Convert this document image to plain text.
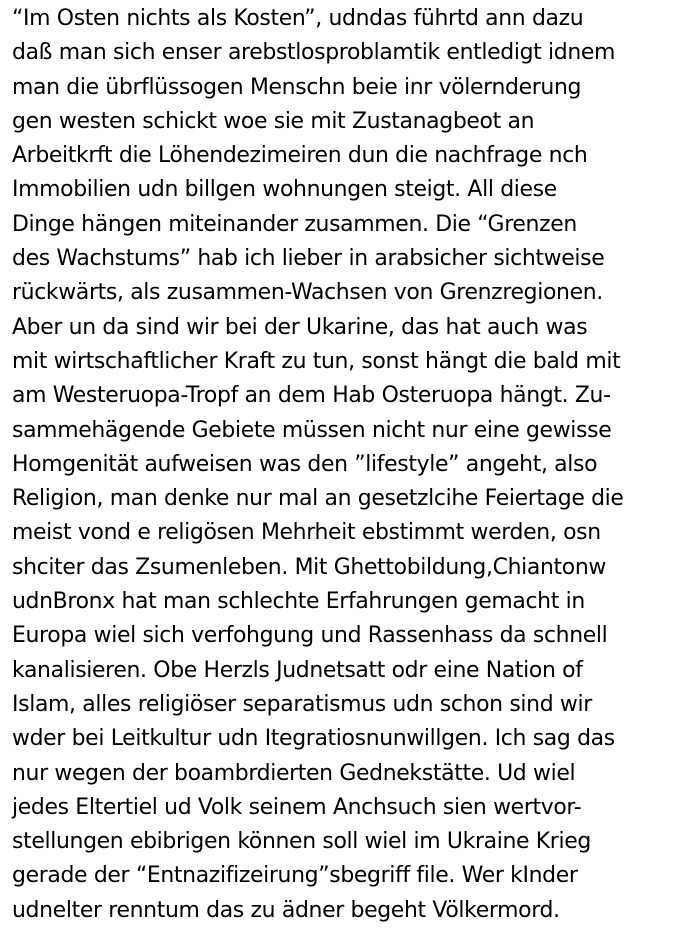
“Im Osten nichts als Kosten”, udndas führtd ann dazu
daß man sich enser arebstlosproblamtik entledigt idnem
man die übrflüssogen Menschn beie inr völernderung
gen westen schickt woe sie mit Zustanagbeot an
Arbeitkrft die Löhendezimeiren dun die nachfrage nch
Immobilien udn billgen wohnungen steigt. All diese
Dinge hängen miteinander zusammen. Die “Grenzen
des Wachstums” hab ich lieber in arabsicher sichtweise
rückwärts, als zusammen-Wachsen von Grenzregionen.
Aber un da sind wir bei der Ukarine, das hat auch was
mit wirtschaftlicher Kraft zu tun, sonst hängt die bald mit
am Westeruopa-Tropf an dem Hab Osteruopa hängt. Zu-
sammehägende Gebiete müssen nicht nur eine gewisse
Homgenität aufweisen was den ”lifestyle” angeht, also
Religion, man denke nur mal an gesetzlcihe Feiertage die
meist vond e religösen Mehrheit ebstimmt werden, osn
shciter das Zsumenleben. Mit Ghettobildung,Chiantonw
udnBronx hat man schlechte Erfahrungen gemacht in
Europa wiel sich verfohgung und Rassenhass da schnell
kanalisieren. Obe Herzls Judnetsatt odr eine Nation of
Islam, alles religiöser separatismus udn schon sind wir
wder bei Leitkultur udn Itegratiosnunwillgen. Ich sag das
nur wegen der boambrdierten Gednekstätte. Ud wiel
jedes Eltertiel ud Volk seinem Anchsuch sien wertvor-
stellungen ebibrigen können soll wiel im Ukraine Krieg
gerade der “Entnazifizeirung”sbegriff file. Wer kInder
udnelter renntum das zu ädner begeht Völkermord.
